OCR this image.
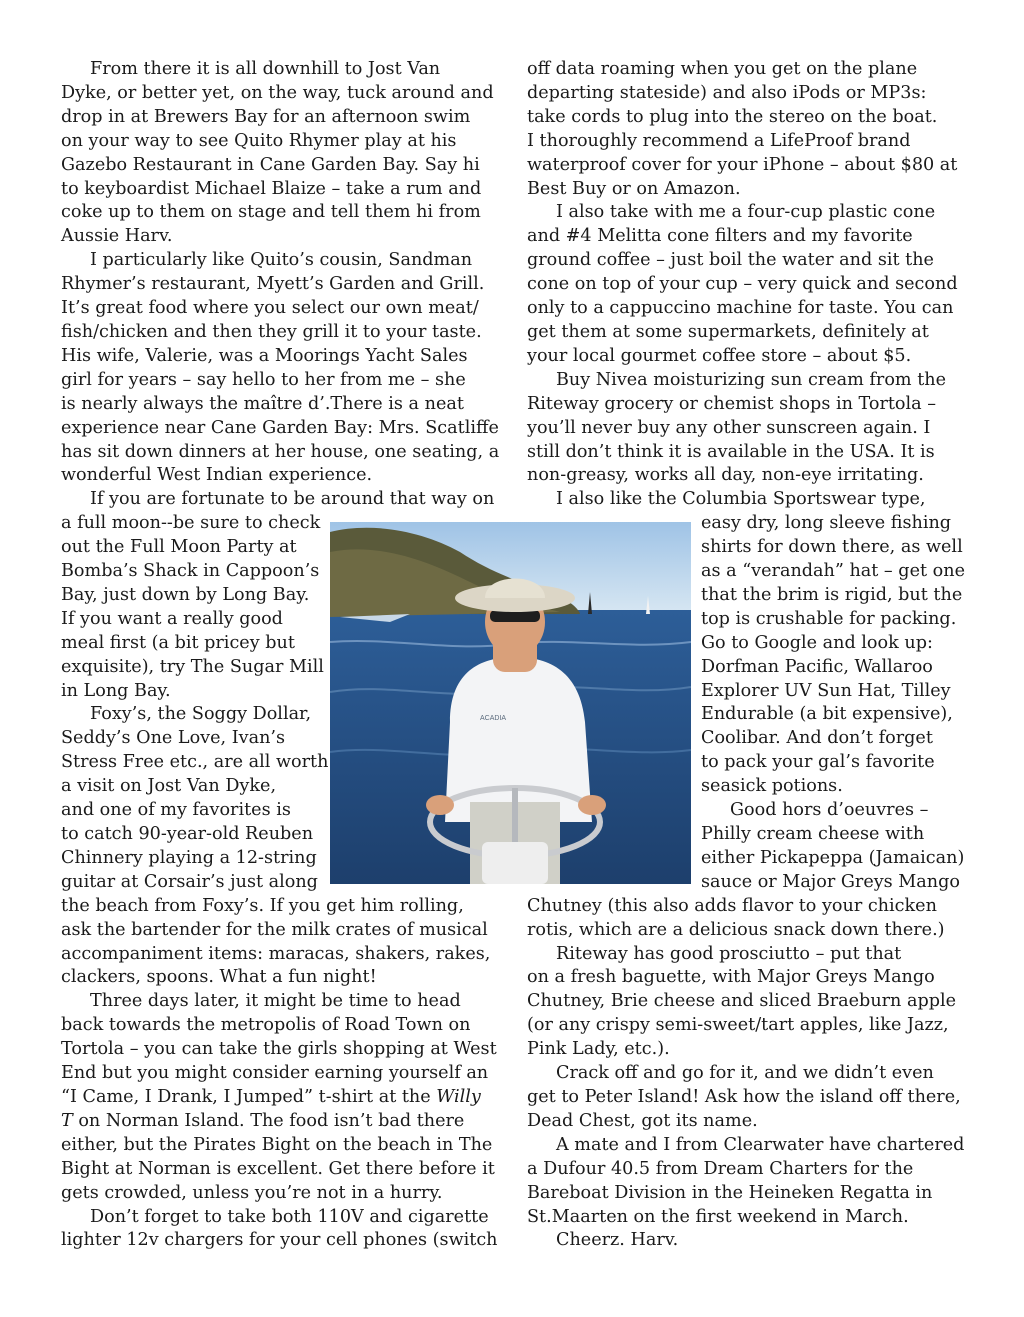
From there it is all downhill to Jost Van
Dyke, or better yet, on the way, tuck around and
drop in at Brewers Bay for an afternoon swim
on your way to see Quito Rhymer play at his
Gazebo Restaurant in Cane Garden Bay. Say hi
to keyboardist Michael Blaize – take a rum and
coke up to them on stage and tell them hi from
Aussie Harv.
I particularly like Quito’s cousin, Sandman
Rhymer’s restaurant, Myett’s Garden and Grill.
It’s great food where you select our own meat/
fish/chicken and then they grill it to your taste.
His wife, Valerie, was a Moorings Yacht Sales
girl for years – say hello to her from me – she
is nearly always the maître d’.There is a neat
experience near Cane Garden Bay: Mrs. Scatliffe
has sit down dinners at her house, one seating, a
wonderful West Indian experience.
If you are fortunate to be around that way on
a full moon--be sure to check
out the Full Moon Party at
Bomba’s Shack in Cappoon’s
Bay, just down by Long Bay.
If you want a really good
meal first (a bit pricey but
exquisite), try The Sugar Mill
in Long Bay.
Foxy’s, the Soggy Dollar,
Seddy’s One Love, Ivan’s
Stress Free etc., are all worth
a visit on Jost Van Dyke,
and one of my favorites is
to catch 90-year-old Reuben
Chinnery playing a 12-string
guitar at Corsair’s just along
the beach from Foxy’s. If you get him rolling,
ask the bartender for the milk crates of musical
accompaniment items: maracas, shakers, rakes,
clackers, spoons. What a fun night!
Three days later, it might be time to head
back towards the metropolis of Road Town on
Tortola – you can take the girls shopping at West
End but you might consider earning yourself an
“I Came, I Drank, I Jumped” t-shirt at the Willy
T on Norman Island. The food isn’t bad there
either, but the Pirates Bight on the beach in The
Bight at Norman is excellent. Get there before it
gets crowded, unless you’re not in a hurry.
Don’t forget to take both 110V and cigarette
lighter 12v chargers for your cell phones (switch
off data roaming when you get on the plane
departing stateside) and also iPods or MP3s:
take cords to plug into the stereo on the boat.
I thoroughly recommend a LifeProof brand
waterproof cover for your iPhone – about $80 at
Best Buy or on Amazon.
I also take with me a four-cup plastic cone
and #4 Melitta cone filters and my favorite
ground coffee – just boil the water and sit the
cone on top of your cup – very quick and second
only to a cappuccino machine for taste. You can
get them at some supermarkets, definitely at
your local gourmet coffee store – about $5.
Buy Nivea moisturizing sun cream from the
Riteway grocery or chemist shops in Tortola –
you’ll never buy any other sunscreen again. I
still don’t think it is available in the USA. It is
non-greasy, works all day, non-eye irritating.
I also like the Columbia Sportswear type,
easy dry, long sleeve fishing
shirts for down there, as well
as a “verandah” hat – get one
that the brim is rigid, but the
top is crushable for packing.
Go to Google and look up:
Dorfman Pacific, Wallaroo
Explorer UV Sun Hat, Tilley
Endurable (a bit expensive),
Coolibar. And don’t forget
to pack your gal’s favorite
seasick potions.
Good hors d’oeuvres –
Philly cream cheese with
either Pickapeppa (Jamaican)
sauce or Major Greys Mango
Chutney (this also adds flavor to your chicken
rotis, which are a delicious snack down there.)
Riteway has good prosciutto – put that
on a fresh baguette, with Major Greys Mango
Chutney, Brie cheese and sliced Braeburn apple
(or any crispy semi-sweet/tart apples, like Jazz,
Pink Lady, etc.).
Crack off and go for it, and we didn’t even
get to Peter Island! Ask how the island off there,
Dead Chest, got its name.
A mate and I from Clearwater have chartered
a Dufour 40.5 from Dream Charters for the
Bareboat Division in the Heineken Regatta in
St.Maarten on the first weekend in March.
Cheerz. Harv.
ACADIA
